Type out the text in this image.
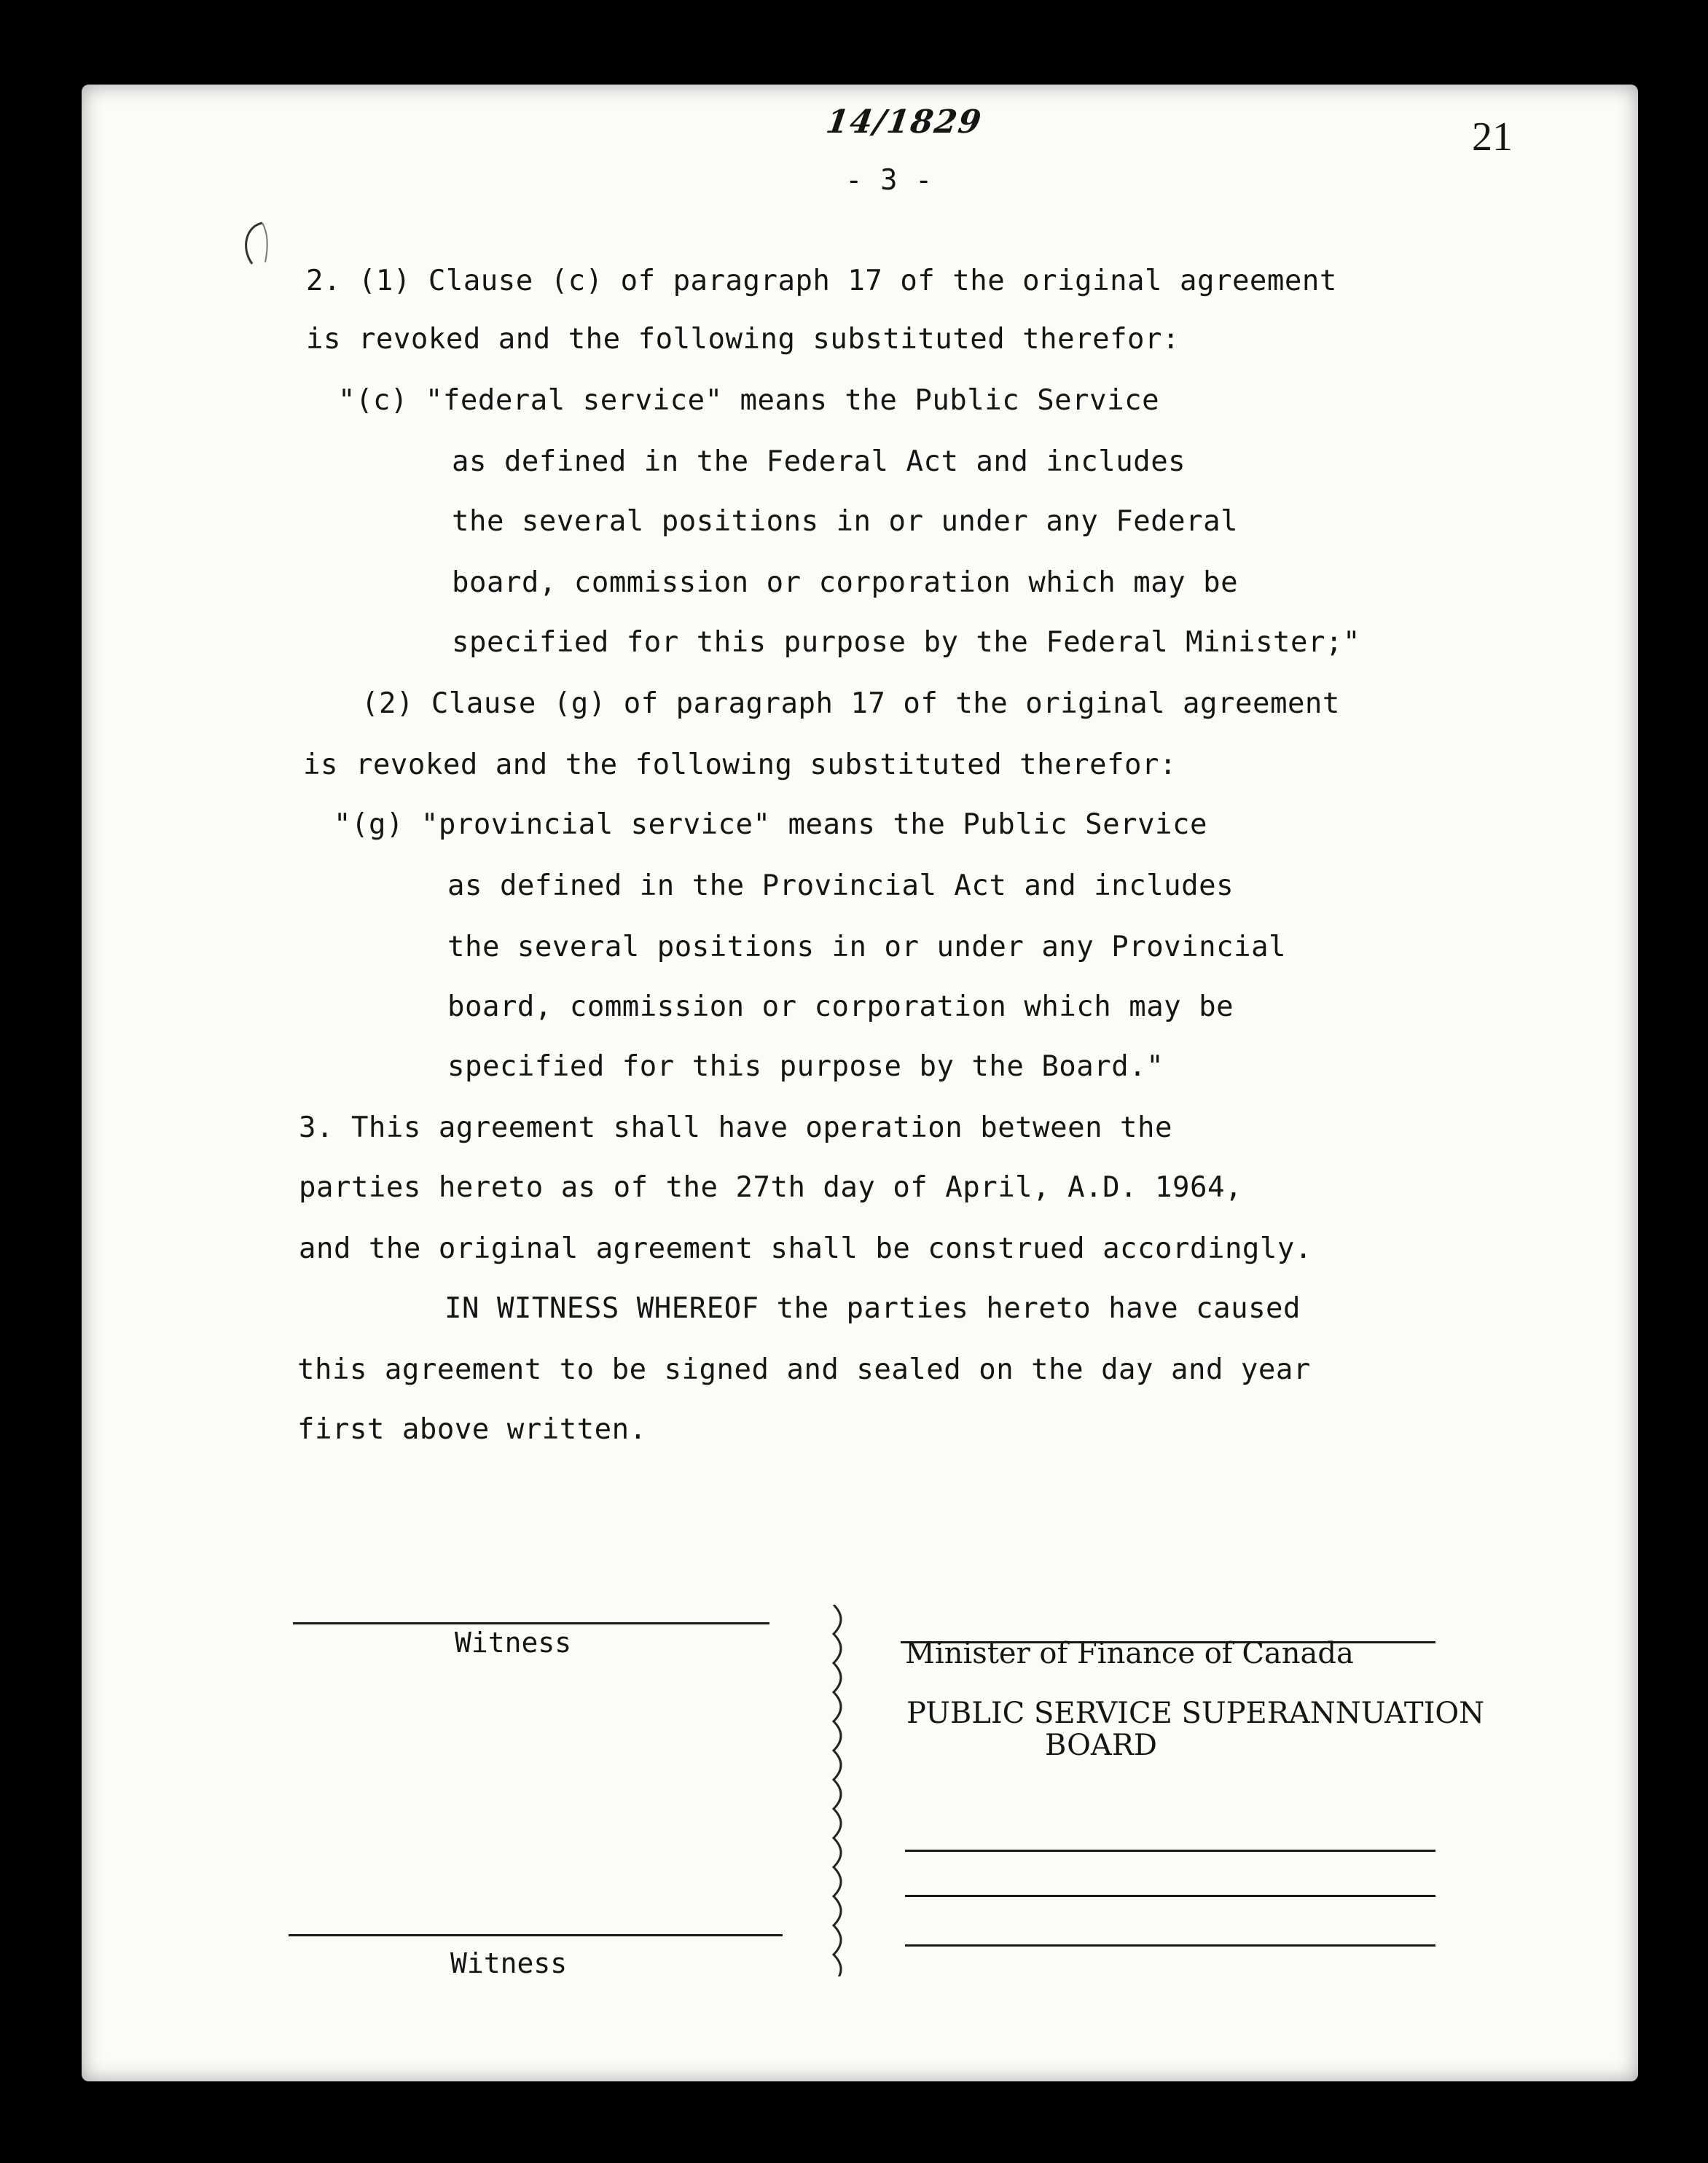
14/1829	21
- 3 -
2. (1) Clause (c) of paragraph 17 of the original agreement
is revoked and the following substituted therefor:
"(c) "federal service" means the Public Service
as defined in the Federal Act and includes
the several positions in or under any Federal
board, commission or corporation which may be
specified for this purpose by the Federal Minister;"
(2) Clause (g) of paragraph 17 of the original agreement
is revoked and the following substituted therefor:
"(g) "provincial service" means the Public Service
as defined in the Provincial Act and includes
the several positions in or under any Provincial
board, commission or corporation which may be
specified for this purpose by the Board."
3. This agreement shall have operation between the
parties hereto as of the 27th day of April, A.D. 1964,
and the original agreement shall be construed accordingly.
IN WITNESS WHEREOF the parties hereto have caused
this agreement to be signed and sealed on the day and year
first above written.
Witness	Minister of Finance of Canada
PUBLIC SERVICE SUPERANNUATION
BOARD
Witness
